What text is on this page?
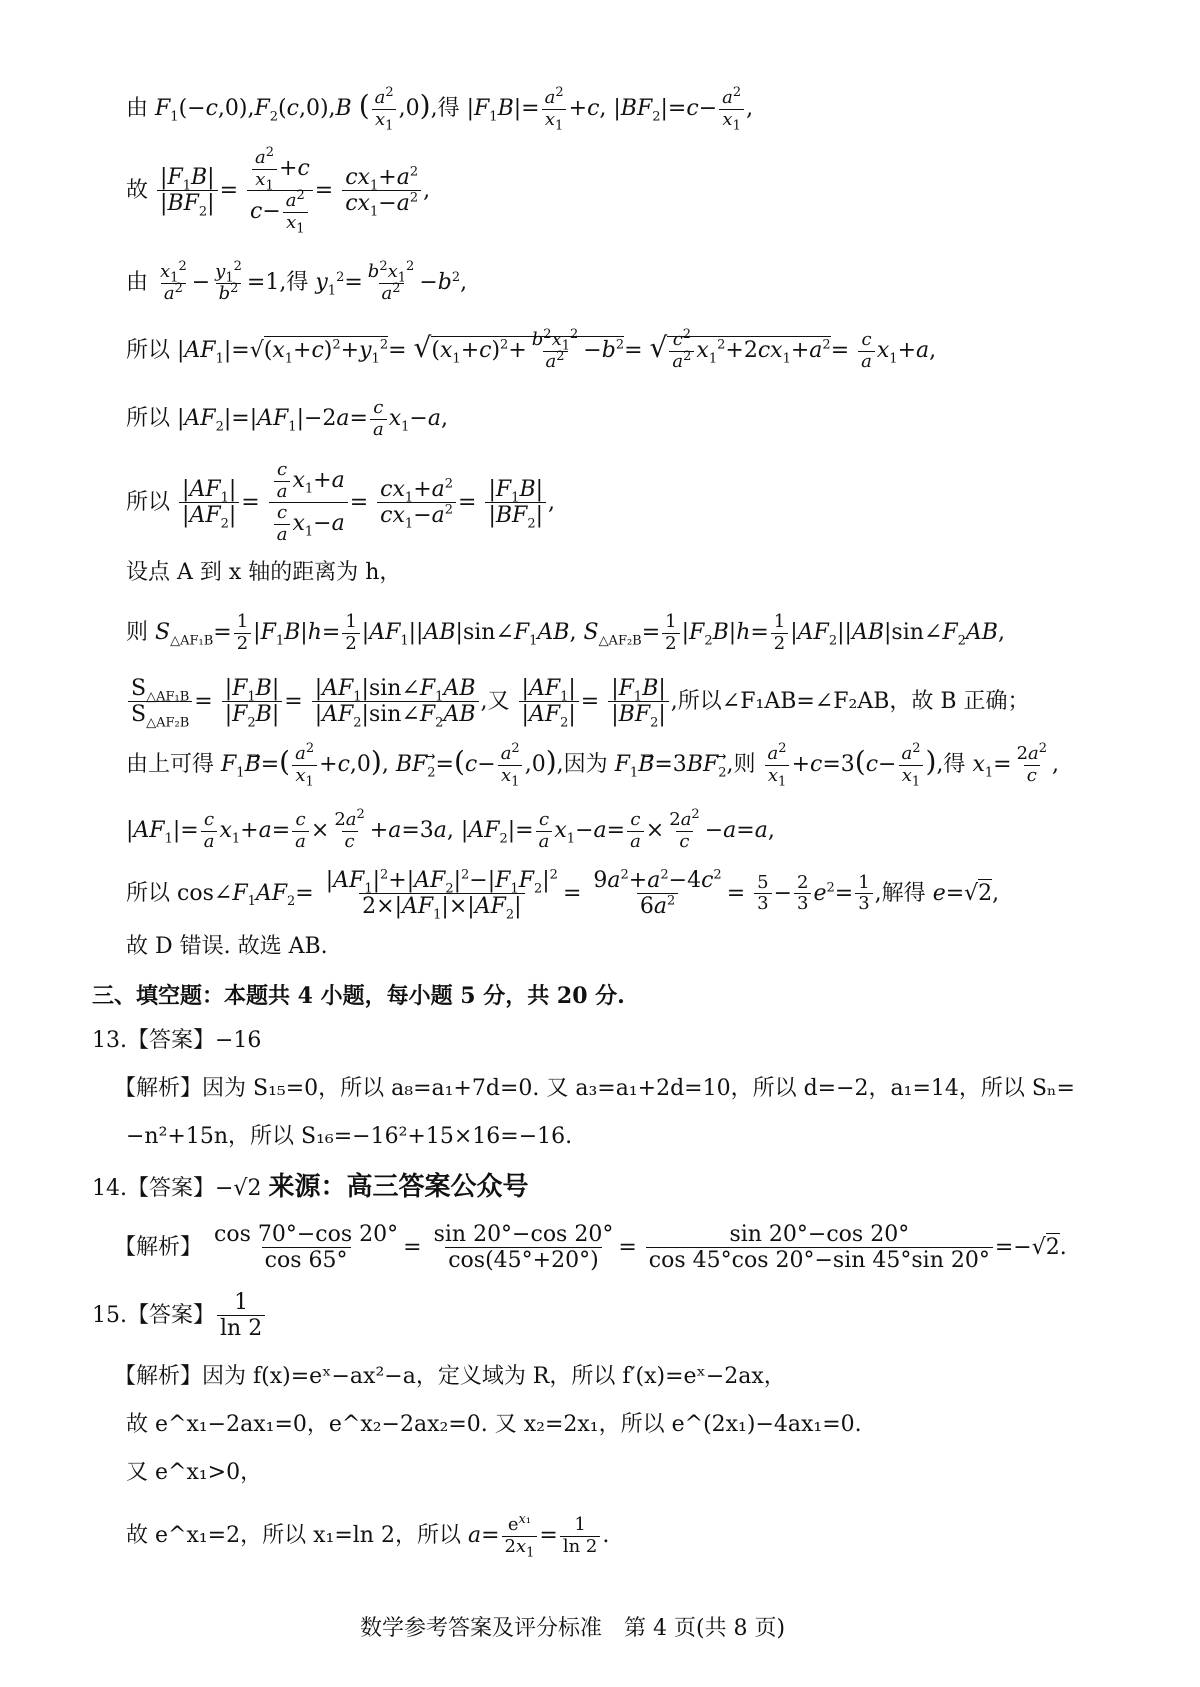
由 $F_1(-c,0),F_2(c,0),B$ ( $\frac{a^2}{x_1} ,0$),得 $|F_1B|= \frac{a^2}{x_1} +c$, $|BF_2|=c- \frac{a^2}{x_1}$ ,
故 $\frac{|F_1B|}{|BF_2|} = \frac{\frac{a^2}{x_1} +c}{c- \frac{a^2}{x_1}} = \frac{cx_1+a^2}{cx_1-a^2}$ ,
由 $\frac{x_1^2}{a^2} - \frac{y_1^2}{b^2} =1$,得 $y_1^2= \frac{b^2x_1^2}{a^2} -b^2$,
所以 $|AF_1|=√(x_1+c)^2+y_1^2= √(x_1+c)^2+ \frac{b^2x_1^2}{a^2} -b^2=$ √ $\frac{c^2}{a^2} x_1^2+2cx_1+a^2= \frac{c}{a} x_1+a$,
所以 $|AF_2|=|AF_1|-2a= \frac{c}{a} x_1-a$,
所以 $\frac{|AF_1|}{|AF_2|} = \frac{\frac{c}{a} x_1+a}{\frac{c}{a} x_1-a} = \frac{cx_1+a^2}{cx_1-a^2} = \frac{|F_1B|}{|BF_2|}$ ,
设点 A 到 x 轴的距离为 h，
则 $S_{\triangle AF_1B}= \frac{1}{2} |F_1B|h= \frac{1}{2}$ $|AF_1||AB|\sin\angle F_1AB$, $S_{\triangle AF_2B}= \frac{1}{2} |F_2B|h= \frac{1}{2}$ $|AF_2||AB|\sin\angle F_2AB$,
$\frac{S_{\triangle AF_1B}}{S_{\triangle AF_2B}} = \frac{|F_1B|}{|F_2B|} = \frac{|AF_1|\sin\angle F_1AB}{|AF_2|\sin\angle F_2AB}$ ,又 $\frac{|AF_1|}{|AF_2|} = \frac{|F_1B|}{|BF_2|}$ ,所以∠F₁AB=∠F₂AB，故 B 正确；
由上可得 $F_1B⃗=( \frac{a^2}{x_1} +c,0)$, $BF_2⃗=(c- \frac{a^2}{x_1} ,0)$,因为 $F_1B⃗=3BF_2⃗$,则 $\frac{a^2}{x_1} +c=3(c- \frac{a^2}{x_1}$ ),得 $x_1= \frac{2a^2}{c}$ ,
$|AF_1|= \frac{c}{a} x_1+a= \frac{c}{a} \times \frac{2a^2}{c} +a=3a$, $|AF_2|= \frac{c}{a} x_1-a= \frac{c}{a} \times \frac{2a^2}{c} -a=a$,
所以 $\cos\angle F_1AF_2= \frac{|AF_1|^2+|AF_2|^2-|F_1F_2|^2}{2\times|AF_1|\times|AF_2|} = \frac{9a^2+a^2-4c^2}{6a^2} = \frac{5}{3} - \frac{2}{3} e^2= \frac{1}{3}$ ,解得 e=√2,
故 D 错误. 故选 AB.
三、填空题：本题共 4 小题，每小题 5 分，共 20 分.
13.【答案】−16
【解析】因为 S₁₅=0，所以 a₈=a₁+7d=0. 又 a₃=a₁+2d=10，所以 d=−2，a₁=14，所以 Sₙ=
−n²+15n，所以 S₁₆=−16²+15×16=−16.
14.【答案】−√2 来源：高三答案公众号
【解析】 $\frac{\cos 70^\circ-\cos 20^\circ}{\cos 65^\circ} = \frac{\sin 20^\circ-\cos 20^\circ}{\cos(45^\circ+20^\circ)} = \frac{\sin 20^\circ-\cos 20^\circ}{\cos 45^\circ\cos 20^\circ-\sin 45^\circ\sin 20^\circ} =-√2$.
15.【答案】 $\frac{1}{\ln 2}$
【解析】因为 f(x)=eˣ−ax²−a，定义域为 R，所以 f′(x)=eˣ−2ax，
故 e^x₁−2ax₁=0，e^x₂−2ax₂=0. 又 x₂=2x₁，所以 e^(2x₁)−4ax₁=0.
又 e^x₁>0，
故 e^x₁=2，所以 x₁=ln 2，所以 $a= \frac{e^{x_1}}{2x_1} = \frac{1}{\ln 2}$ .
数学参考答案及评分标准　第 4 页(共 8 页)
